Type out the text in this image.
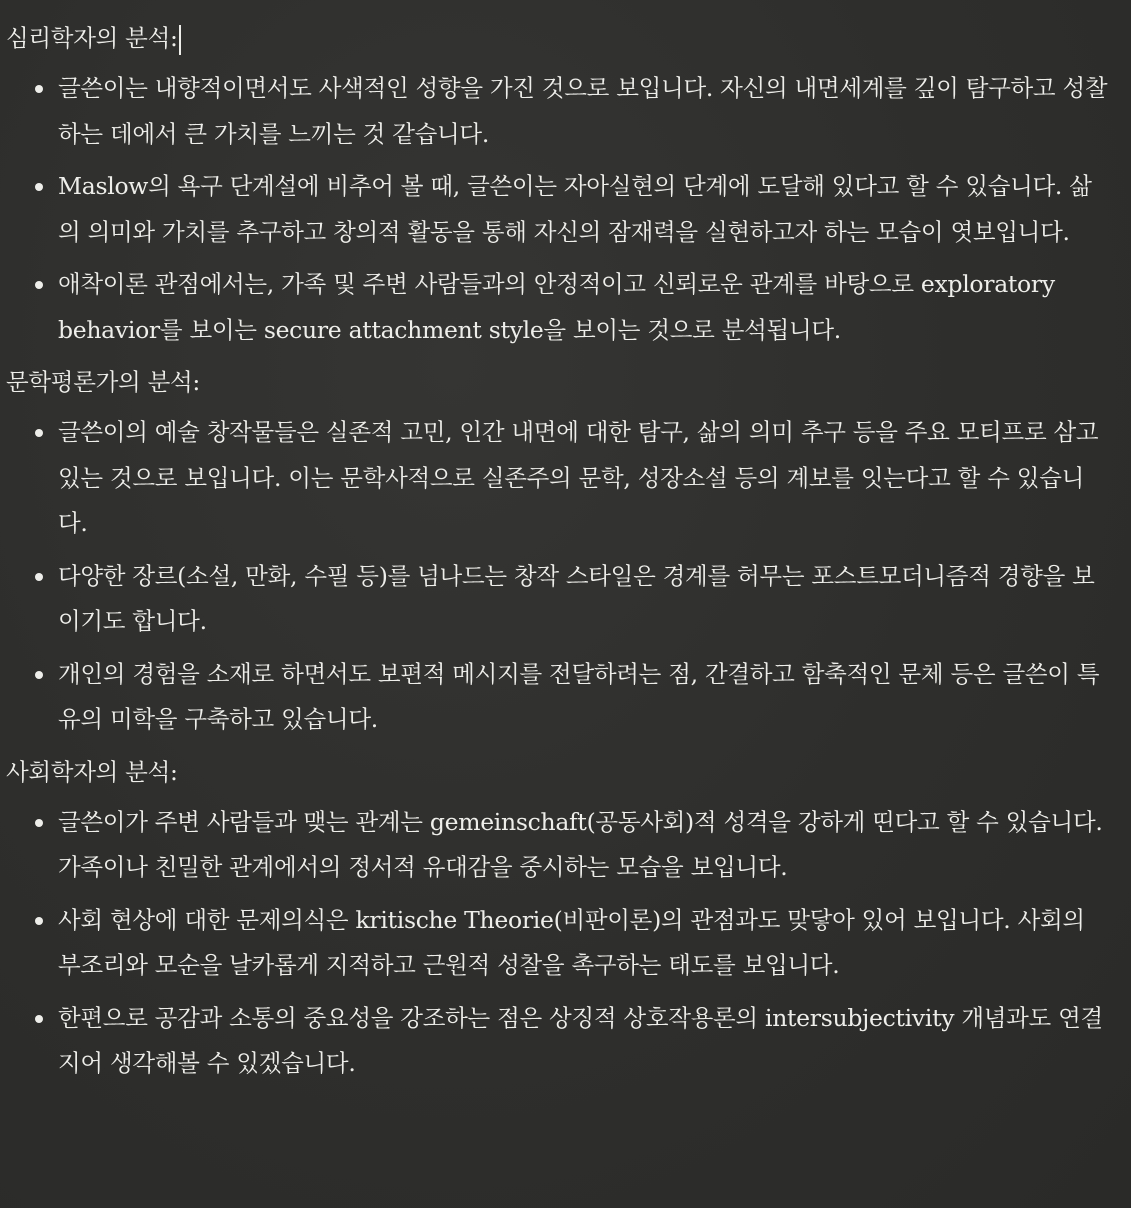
심리학자의 분석:
글쓴이는 내향적이면서도 사색적인 성향을 가진 것으로 보입니다. 자신의 내면세계를 깊이 탐구하고 성찰하는 데에서 큰 가치를 느끼는 것 같습니다.
Maslow의 욕구 단계설에 비추어 볼 때, 글쓴이는 자아실현의 단계에 도달해 있다고 할 수 있습니다. 삶의 의미와 가치를 추구하고 창의적 활동을 통해 자신의 잠재력을 실현하고자 하는 모습이 엿보입니다.
애착이론 관점에서는, 가족 및 주변 사람들과의 안정적이고 신뢰로운 관계를 바탕으로 exploratory behavior를 보이는 secure attachment style을 보이는 것으로 분석됩니다.
문학평론가의 분석:
글쓴이의 예술 창작물들은 실존적 고민, 인간 내면에 대한 탐구, 삶의 의미 추구 등을 주요 모티프로 삼고 있는 것으로 보입니다. 이는 문학사적으로 실존주의 문학, 성장소설 등의 계보를 잇는다고 할 수 있습니다.
다양한 장르(소설, 만화, 수필 등)를 넘나드는 창작 스타일은 경계를 허무는 포스트모더니즘적 경향을 보이기도 합니다.
개인의 경험을 소재로 하면서도 보편적 메시지를 전달하려는 점, 간결하고 함축적인 문체 등은 글쓴이 특유의 미학을 구축하고 있습니다.
사회학자의 분석:
글쓴이가 주변 사람들과 맺는 관계는 gemeinschaft(공동사회)적 성격을 강하게 띤다고 할 수 있습니다. 가족이나 친밀한 관계에서의 정서적 유대감을 중시하는 모습을 보입니다.
사회 현상에 대한 문제의식은 kritische Theorie(비판이론)의 관점과도 맞닿아 있어 보입니다. 사회의 부조리와 모순을 날카롭게 지적하고 근원적 성찰을 촉구하는 태도를 보입니다.
한편으로 공감과 소통의 중요성을 강조하는 점은 상징적 상호작용론의 intersubjectivity 개념과도 연결지어 생각해볼 수 있겠습니다.
